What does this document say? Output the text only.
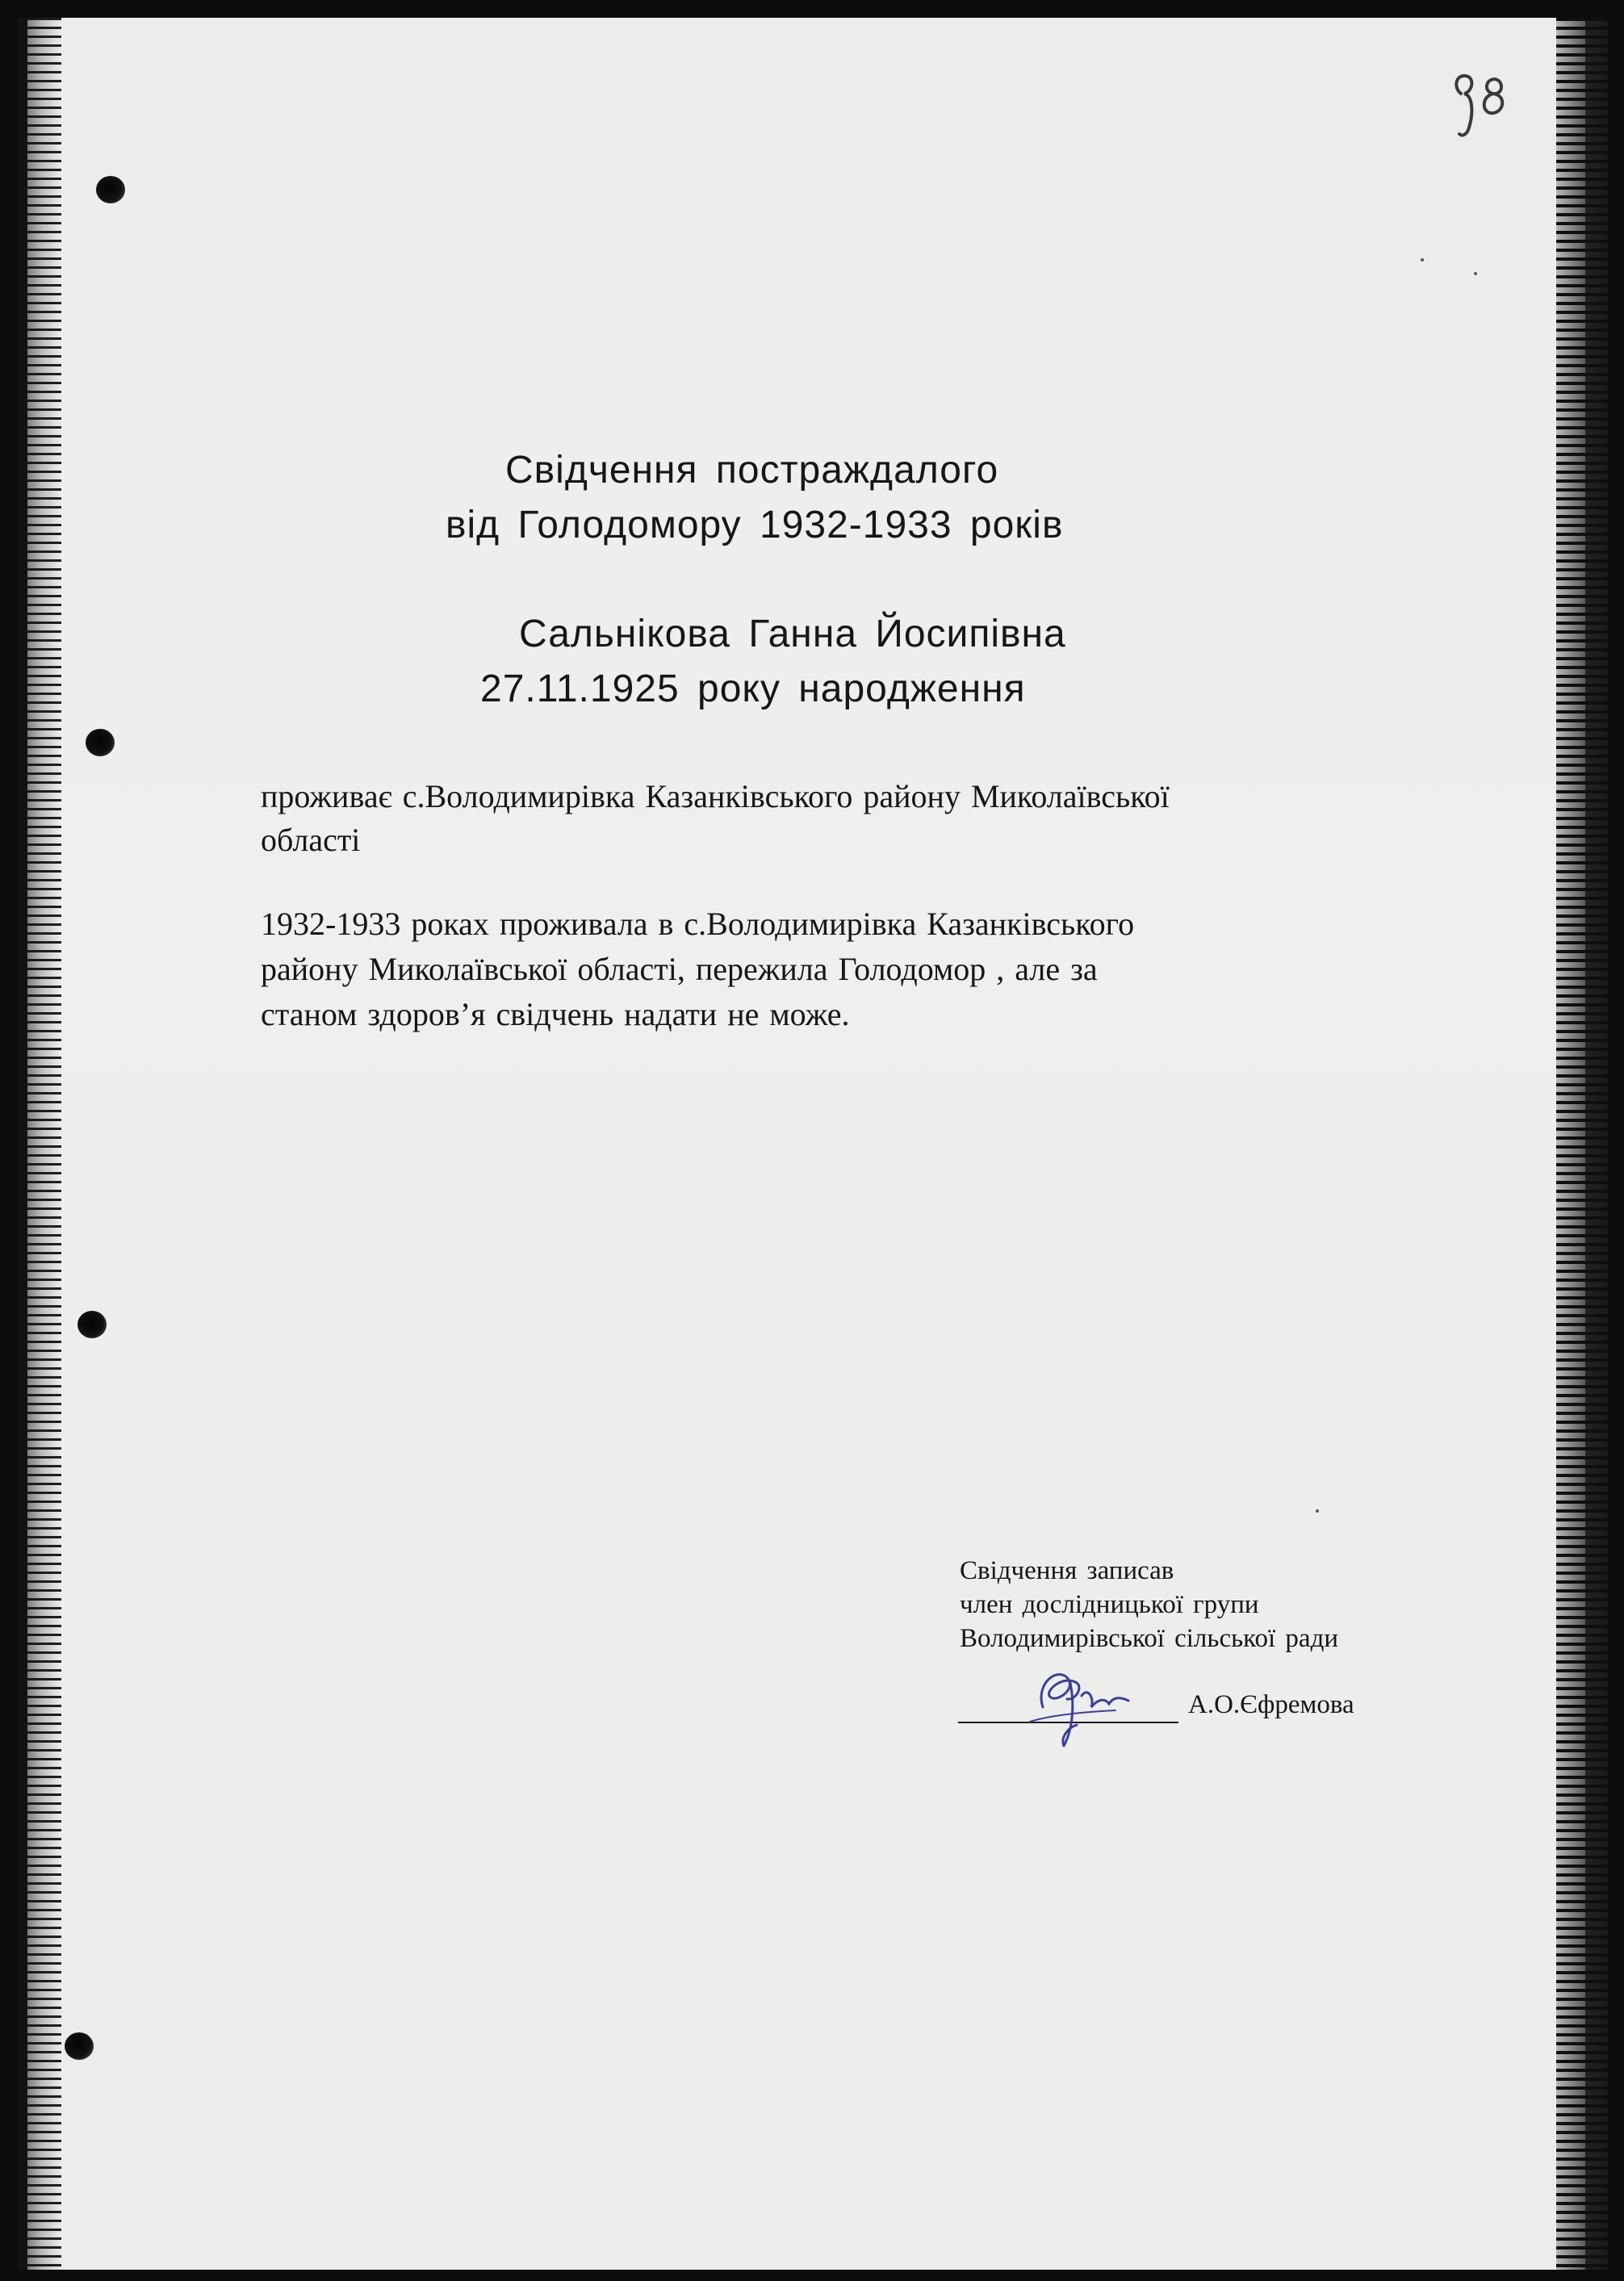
Свідчення постраждалого

від Голодомору 1932-1933 років

Сальнікова Ганна Йосипівна

27.11.1925 року народження

проживає с.Володимирівка Казанківського району Миколаївської

області

1932-1933 роках проживала в с.Володимирівка Казанківського

району Миколаївської області, пережила Голодомор , але за

станом здоров’я свідчень надати не може.

Свідчення записав

член дослідницької групи

Володимирівської сільської ради

А.О.Єфремова
